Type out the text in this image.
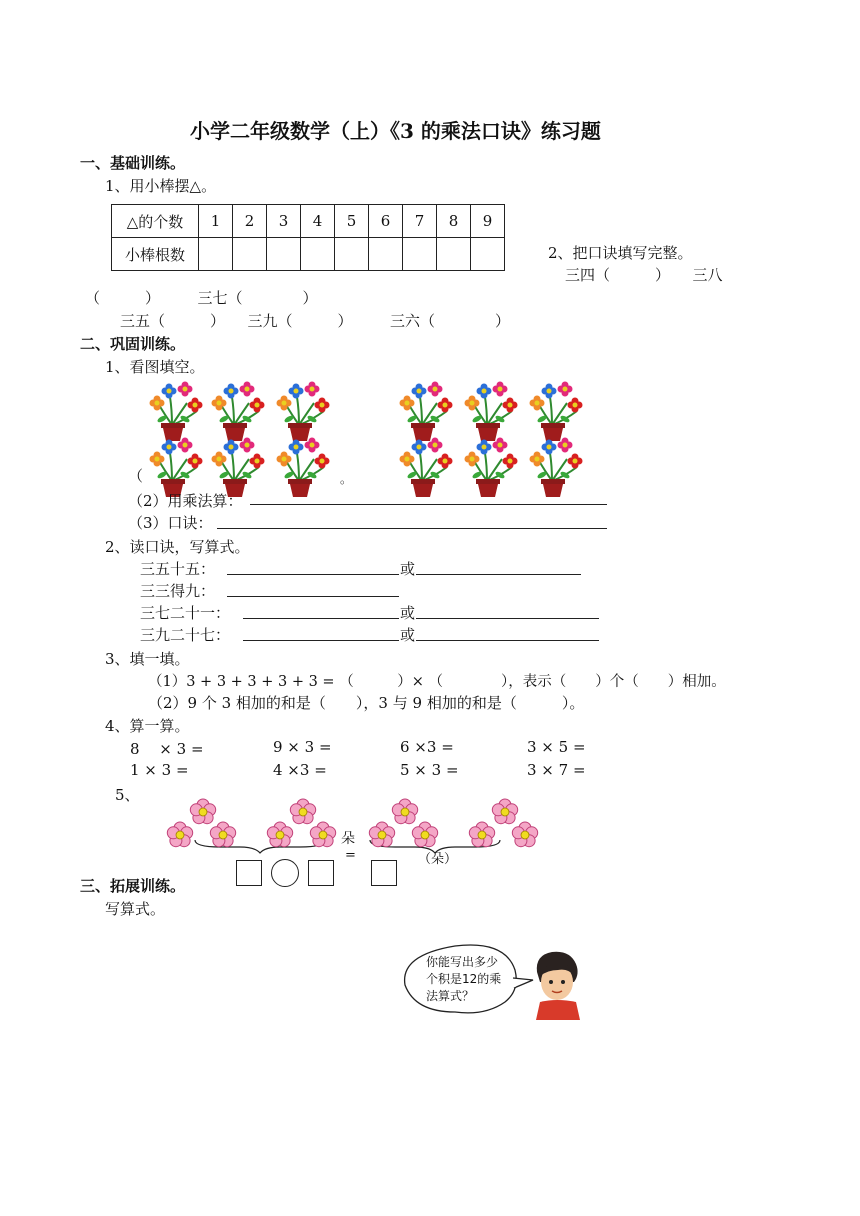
小学二年级数学（上）《3 的乘法口诀》练习题
一、基础训练。
1、用小棒摆△。
△的个数	1	2	3	4	5	6	7	8	9
小棒根数										2、把口诀填写完整。
三四（　　　）　　三八
（　　　）　　　三七（　　　　）
三五（　　　）　　三九（　　　）　　　三六（　　　　）
二、巩固训练。
1、看图填空。
（	。
（2）用乘法算：
（3）口诀：
2、读口诀，写算式。
三五十五：	或
三三得九：
三七二十一：	或
三九二十七：	或
3、填一填。
（1）3 + 3 + 3 + 3 + 3 = （　　　）× （　　　　），表示（　　）个（　　）相加。
（2）9 个 3 相加的和是（　　），3 与 9 相加的和是（　　　）。
4、算一算。
8　 × 3 =	9 × 3 =	6 ×3 =	3 × 5 =
1 × 3 =	4 ×3 =	5 × 3 =	3 × 7 =
5、
朵
=	（朵）
三、拓展训练。
写算式。
你能写出多少
个积是12的乘
法算式？
